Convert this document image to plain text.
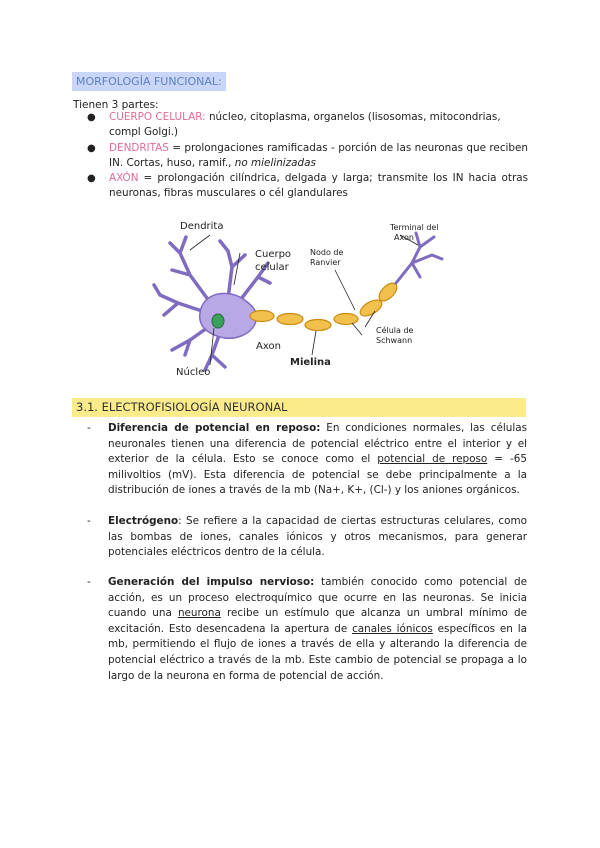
MORFOLOGÍA FUNCIONAL:
Tienen 3 partes:
● CUERPO CELULAR: núcleo, citoplasma, organelos (lisosomas, mitocondrias, compl Golgi.)
● DENDRITAS = prolongaciones ramificadas - porción de las neuronas que reciben IN. Cortas, huso, ramif., no mielinizadas
● AXÓN = prolongación cilíndrica, delgada y larga; transmite los IN hacia otras neuronas, fibras musculares o cél glandulares
Dendrita
Cuerpo
celular
Nodo de
Ranvier
Terminal del
Axon
Axon
Célula de
Schwann
Mielina
Núcleo
3.1. ELECTROFISIOLOGÍA NEURONAL
- Diferencia de potencial en reposo: En condiciones normales, las células neuronales tienen una diferencia de potencial eléctrico entre el interior y el exterior de la célula. Esto se conoce como el potencial de reposo = -65 milivoltios (mV). Esta diferencia de potencial se debe principalmente a la distribución de iones a través de la mb (Na+, K+, (Cl-) y los aniones orgánicos.
- Electrógeno: Se refiere a la capacidad de ciertas estructuras celulares, como las bombas de iones, canales iónicos y otros mecanismos, para generar potenciales eléctricos dentro de la célula.
- Generación del impulso nervioso: también conocido como potencial de acción, es un proceso electroquímico que ocurre en las neuronas. Se inicia cuando una neurona recibe un estímulo que alcanza un umbral mínimo de excitación. Esto desencadena la apertura de canales iónicos específicos en la mb, permitiendo el flujo de iones a través de ella y alterando la diferencia de potencial eléctrico a través de la mb. Este cambio de potencial se propaga a lo largo de la neurona en forma de potencial de acción.
